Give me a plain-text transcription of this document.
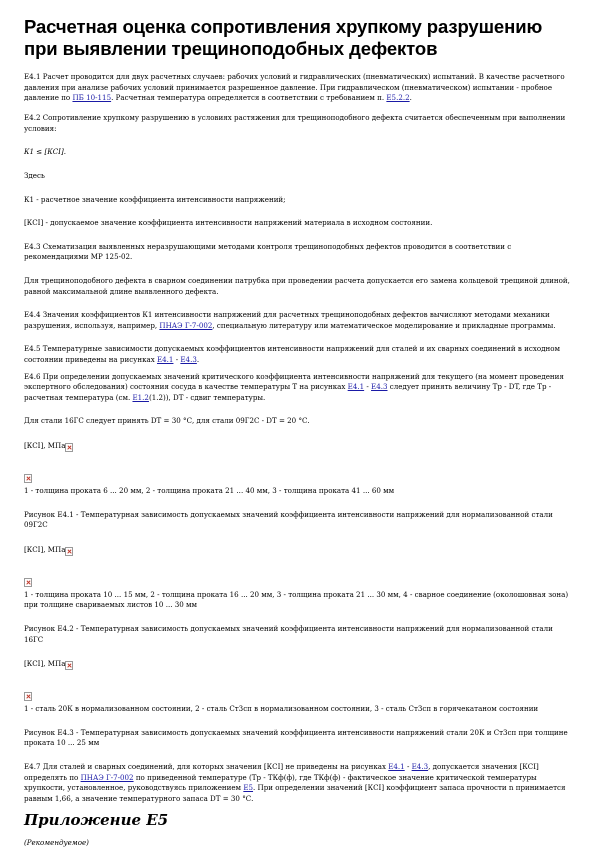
Расчетная оценка сопротивления хрупкому разрушению при выявлении трещиноподобных дефектов

Е4.1 Расчет проводится для двух расчетных случаев: рабочих условий и гидравлических (пневматических) испытаний. В качестве расчетного давления при анализе рабочих условий принимается разрешенное давление. При гидравлическом (пневматическом) испытании - пробное давление по ПБ 10-115. Расчетная температура определяется в соответствии с требованием п. Е5.2.2.

Е4.2 Сопротивление хрупкому разрушению в условиях растяжения для трещиноподобного дефекта считается обеспеченным при выполнении условия:

К1 ≤ [КСI].

Здесь

К1 - расчетное значение коэффициента интенсивности напряжений;

[КСI] - допускаемое значение коэффициента интенсивности напряжений материала в исходном состоянии.

Е4.3 Схематизация выявленных неразрушающими методами контроля трещиноподобных дефектов проводится в соответствии с рекомендациями МР 125-02.

Для трещиноподобного дефекта в сварном соединении патрубка при проведении расчета допускается его замена кольцевой трещиной длиной, равной максимальной длине выявленного дефекта.

Е4.4 Значения коэффициентов К1 интенсивности напряжений для расчетных трещиноподобных дефектов вычисляют методами механики разрушения, используя, например, ПНАЭ Г-7-002, специальную литературу или математическое моделирование и прикладные программы.

Е4.5 Температурные зависимости допускаемых коэффициентов интенсивности напряжений для сталей и их сварных соединений в исходном состоянии приведены на рисунках Е4.1 - Е4.3.

Е4.6 При определении допускаемых значений критического коэффициента интенсивности напряжений для текущего (на момент проведения экспертного обследования) состояния сосуда в качестве температуры Т на рисунках Е4.1 - Е4.3 следует принять величину Тр - DT, где Тр - расчетная температура (см. Е1.2(1.2)), DT - сдвиг температуры.

Для стали 16ГС следует принять DT = 30 °С, для стали 09Г2С - DT = 20 °С.

[КСI], МПа

1 - толщина проката 6 ... 20 мм, 2 - толщина проката 21 ... 40 мм, 3 - толщина проката 41 ... 60 мм

Рисунок Е4.1 - Температурная зависимость допускаемых значений коэффициента интенсивности напряжений для нормализованной стали 09Г2С

[КСI], МПа

1 - толщина проката 10 ... 15 мм, 2 - толщина проката 16 ... 20 мм, 3 - толщина проката 21 ... 30 мм, 4 - сварное соединение (околошовная зона) при толщине свариваемых листов 10 ... 30 мм

Рисунок Е4.2 - Температурная зависимость допускаемых значений коэффициента интенсивности напряжений для нормализованной стали 16ГС

[КСI], МПа

1 - сталь 20К в нормализованном состоянии, 2 - сталь Ст3сп в нормализованном состоянии, 3 - сталь Ст3сп в горячекатаном состоянии

Рисунок Е4.3 - Температурная зависимость допускаемых значений коэффициента интенсивности напряжений стали 20К и Ст3сп при толщине проката 10 ... 25 мм

Е4.7 Для сталей и сварных соединений, для которых значения [КСI] не приведены на рисунках Е4.1 - Е4.3, допускается значения [КСI] определять по ПНАЭ Г-7-002 по приведенной температуре (Тр - ТКф(ф), где ТКф(ф) - фактическое значение критической температуры хрупкости, установленное, руководствуясь приложением Е5. При определении значений [КСI] коэффициент запаса прочности n принимается равным 1,66, а значение температурного запаса DT = 30 °С.

Приложение Е5

(Рекомендуемое)
